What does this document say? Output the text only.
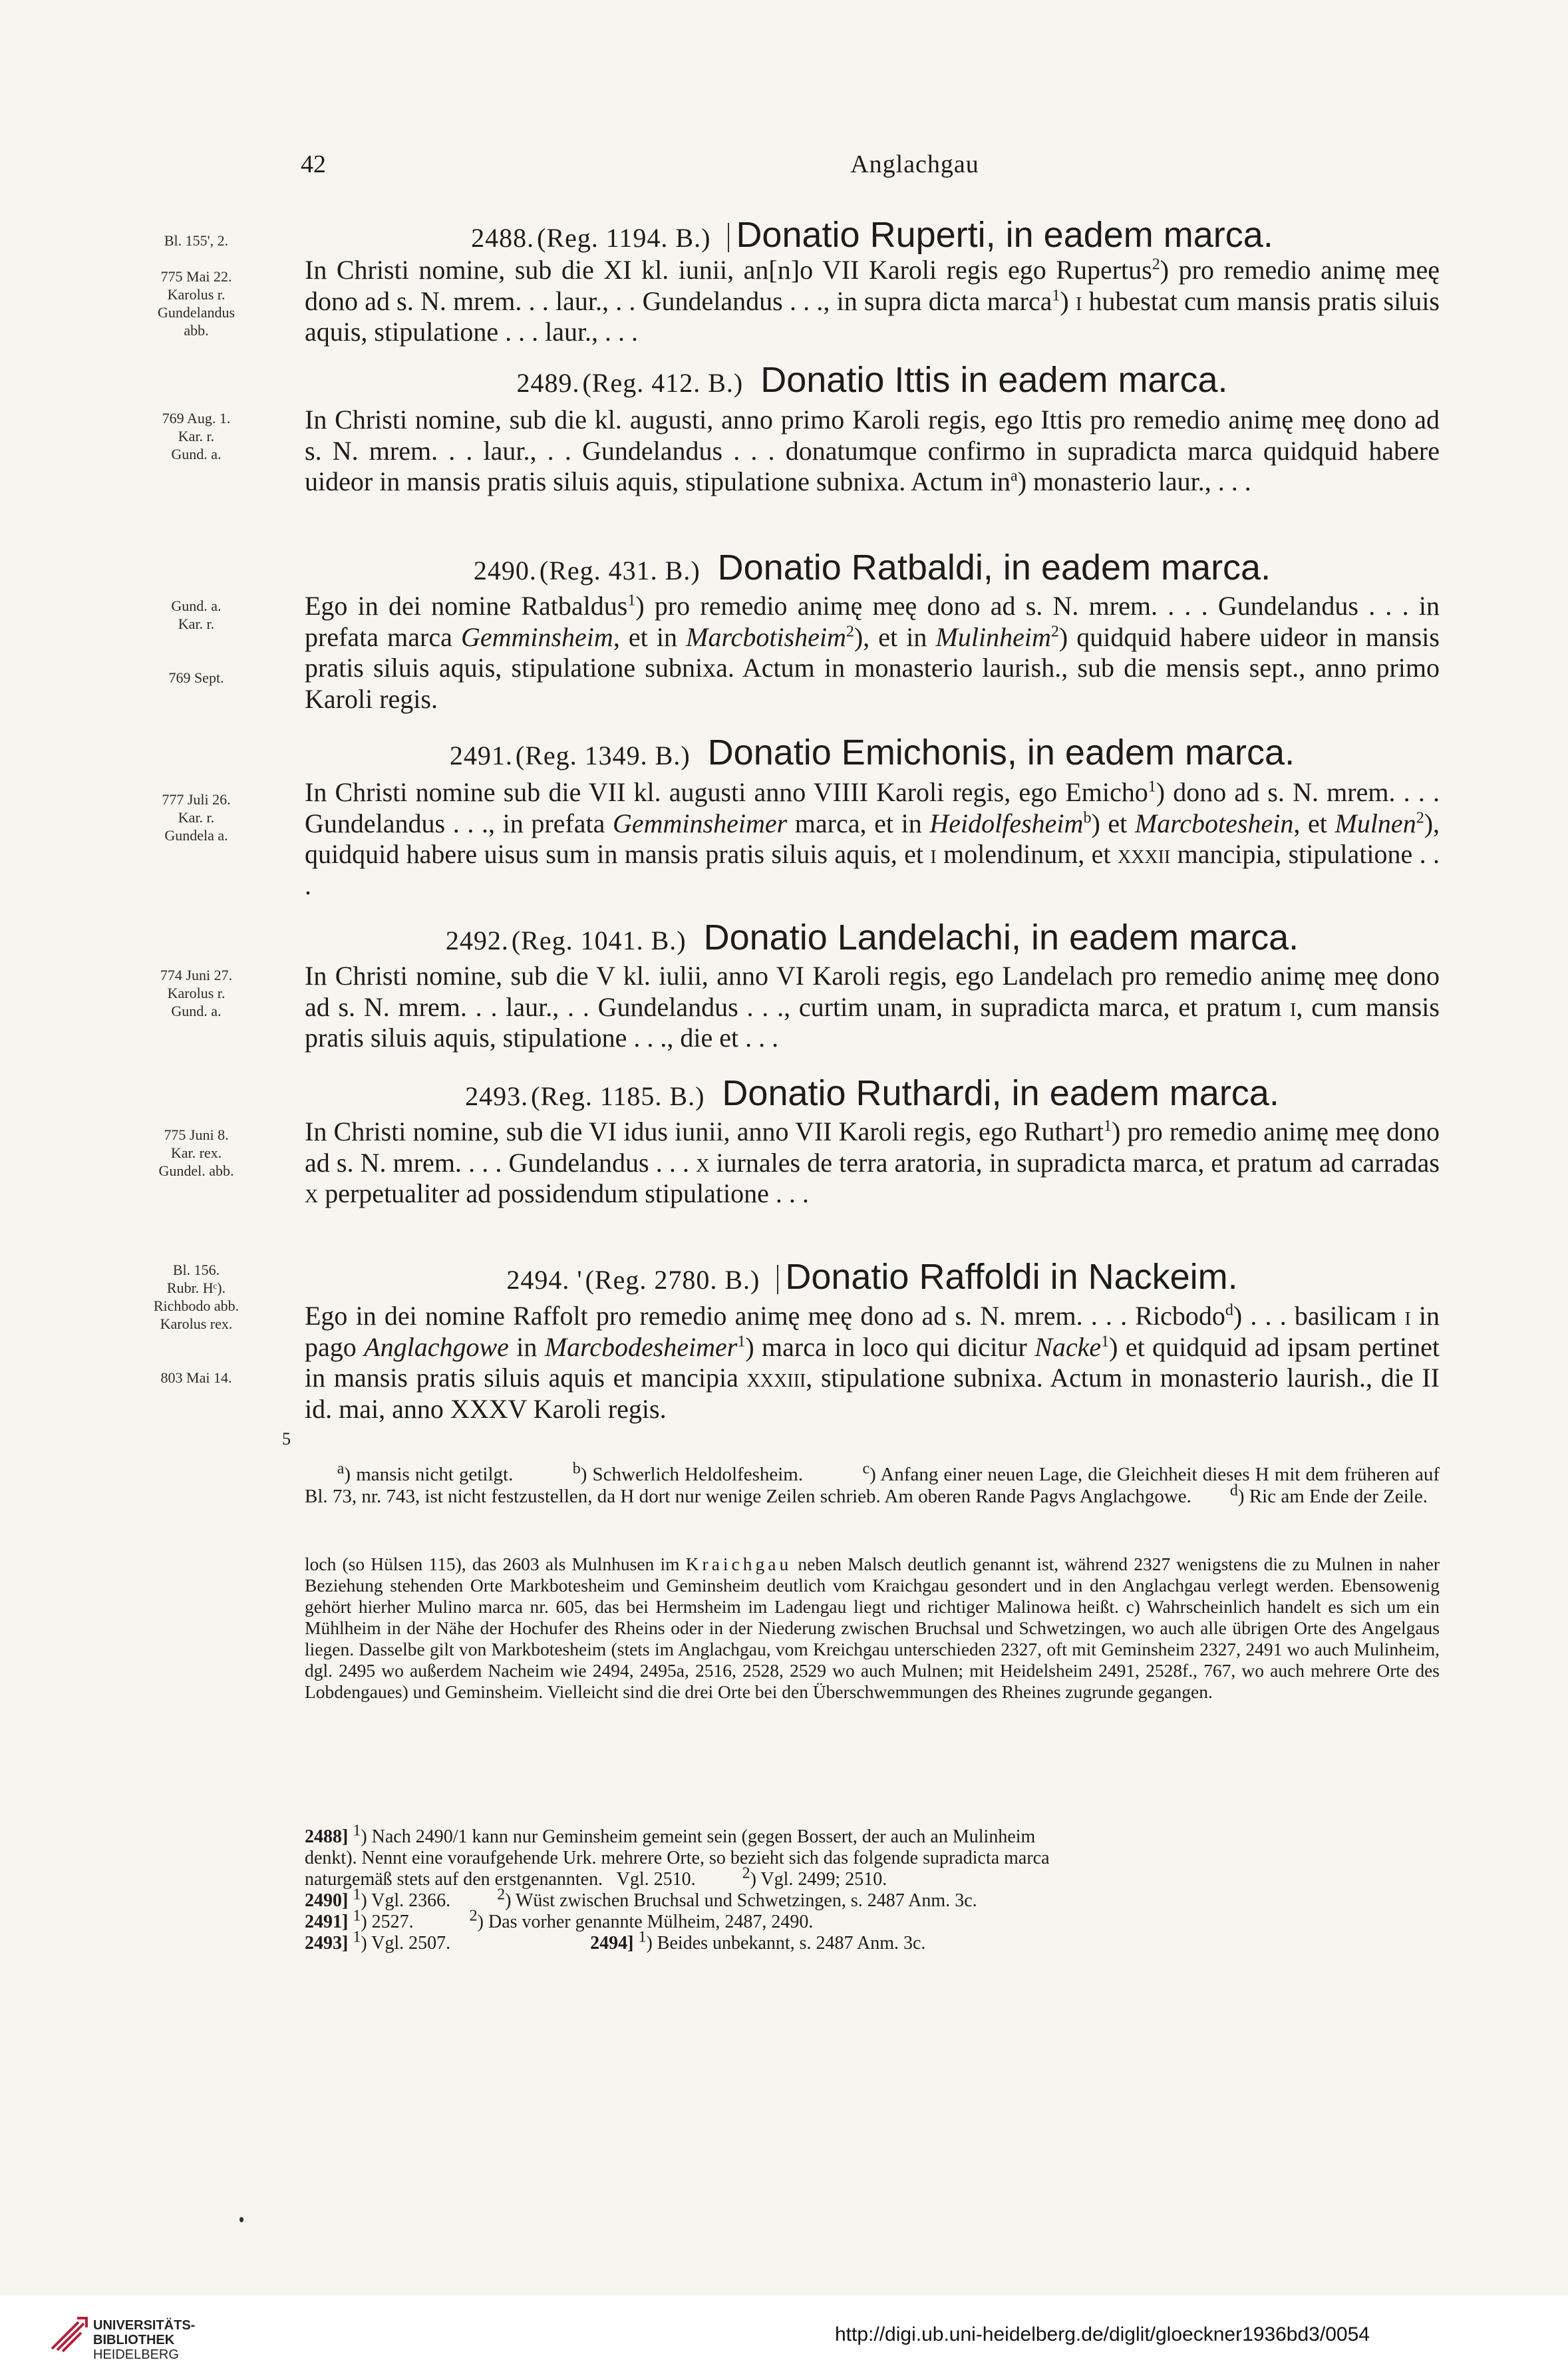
42	Anglachgau
Bl. 155', 2.

775 Mai 22.
Karolus r.
Gundelandus
abb.
2488. (Reg. 1194. B.) Donatio Ruperti, in eadem marca.
In Christi nomine, sub die XI kl. iunii, an[n]o VII Karoli regis ego Rupertus$^2$) pro remedio animę meę dono ad s. N. mrem. . . laur., . . Gundelandus . . ., in supra dicta marca$^1$) i hubestat cum mansis pratis siluis aquis, stipulatione . . . laur., . . .
769 Aug. 1.
Kar. r.
Gund. a.
2489. (Reg. 412. B.) Donatio Ittis in eadem marca.
In Christi nomine, sub die kl. augusti, anno primo Karoli regis, ego Ittis pro remedio animę meę dono ad s. N. mrem. . . laur., . . Gundelandus . . . donatumque confirmo in supradicta marca quidquid habere uideor in mansis pratis siluis aquis, stipulatione subnixa. Actum $in^a$) monasterio laur., . . .
Gund. a.
Kar. r.

769 Sept.
2490. (Reg. 431. B.) Donatio Ratbaldi, in eadem marca.
Ego in dei nomine Ratbaldus$^1$) pro remedio animę meę dono ad s. N. mrem. . . . Gundelandus . . . in prefata marca Gemminsheim, et in Marcbotisheim$^2$), et in Mulinheim$^2$) quidquid habere uideor in mansis pratis siluis aquis, stipulatione subnixa. Actum in monasterio laurish., sub die mensis sept., anno primo Karoli regis.
777 Juli 26.
Kar. r.
Gundela a.
2491. (Reg. 1349. B.) Donatio Emichonis, in eadem marca.
In Christi nomine sub die VII kl. augusti anno VIIII Karoli regis, ego Emicho$^1$) dono ad s. N. mrem. . . . Gundelandus . . ., in prefata Gemminsheimer marca, et in Heidolfesheim$^b$) et Marcboteshein, et Mulnen$^2$), quidquid habere uisus sum in mansis pratis siluis aquis, et i molendinum, et xxxii mancipia, stipulatione . . .
774 Juni 27.
Karolus r.
Gund. a.
2492. (Reg. 1041. B.) Donatio Landelachi, in eadem marca.
In Christi nomine, sub die V kl. iulii, anno VI Karoli regis, ego Landelach pro remedio animę meę dono ad s. N. mrem. . . laur., . . Gundelandus . . ., curtim unam, in supradicta marca, et pratum i, cum mansis pratis siluis aquis, stipulatione . . ., die et . . .
775 Juni 8.
Kar. rex.
Gundel. abb.
2493. (Reg. 1185. B.) Donatio Ruthardi, in eadem marca.
In Christi nomine, sub die VI idus iunii, anno VII Karoli regis, ego Ruthart$^1$) pro remedio animę meę dono ad s. N. mrem. . . . Gundelandus . . . x iurnales de terra aratoria, in supradicta marca, et pratum ad carradas x perpetualiter ad possidendum stipulatione . . .
Bl. 156.
Rubr. Hᶜ).
Richbodo abb.
Karolus rex.

803 Mai 14.
2494. ' (Reg. 2780. B.) Donatio Raffoldi in Nackeim.
Ego in dei nomine Raffolt pro remedio animę meę dono ad s. N. mrem. . . . Ricbodo$^d$) . . . basilicam i in pago Anglachgowe in Marcbodesheimer$^1$) marca in loco qui dicitur Nacke$^1$) et quidquid ad ipsam pertinet in mansis pratis siluis aquis et mancipia xxxiii, stipulatione subnixa. Actum in monasterio laurish., die II id. mai, anno XXXV Karoli regis.
5
$^a$) mansis nicht getilgt.           $^b$) Schwerlich Heldolfesheim.           $^c$) Anfang einer neuen Lage, die Gleichheit dieses H mit dem früheren auf Bl. 73, nr. 743, ist nicht festzustellen, da H dort nur wenige Zeilen schrieb. Am oberen Rande Pagvs Anglachgowe.        $^d$) Ric am Ende der Zeile.

loch (so Hülsen 115), das 2603 als Mulnhusen im Kraichgau neben Malsch deutlich genannt ist, während 2327 wenigstens die zu Mulnen in naher Beziehung stehenden Orte Markbotesheim und Geminsheim deutlich vom Kraichgau gesondert und in den Anglachgau verlegt werden. Ebensowenig gehört hierher Mulino marca nr. 605, das bei Hermsheim im Ladengau liegt und richtiger Malinowa heißt. c) Wahrscheinlich handelt es sich um ein Mühlheim in der Nähe der Hochufer des Rheins oder in der Niederung zwischen Bruchsal und Schwetzingen, wo auch alle übrigen Orte des Angelgaus liegen. Dasselbe gilt von Markbotesheim (stets im Anglachgau, vom Kreichgau unterschieden 2327, oft mit Geminsheim 2327, 2491 wo auch Mulinheim, dgl. 2495 wo außerdem Nacheim wie 2494, 2495a, 2516, 2528, 2529 wo auch Mulnen; mit Heidelsheim 2491, 2528f., 767, wo auch mehrere Orte des Lobdengaues) und Geminsheim. Vielleicht sind die drei Orte bei den Überschwemmungen des Rheines zugrunde gegangen.

2488] 1) Nach 2490/1 kann nur Geminsheim gemeint sein (gegen Bossert, der auch an Mulinheim
denkt). Nennt eine voraufgehende Urk. mehrere Orte, so bezieht sich das folgende supradicta marca
naturgemäß stets auf den erstgenannten.   Vgl. 2510.          2) Vgl. 2499; 2510.
2490] 1) Vgl. 2366.          2) Wüst zwischen Bruchsal und Schwetzingen, s. 2487 Anm. 3c.
2491] 1) 2527.            2) Das vorher genannte Mülheim, 2487, 2490.
2493] 1) Vgl. 2507.                              2494] 1) Beides unbekannt, s. 2487 Anm. 3c.
UNIVERSITÄTS-
BIBLIOTHEK
HEIDELBERG
http://digi.ub.uni-heidelberg.de/diglit/gloeckner1936bd3/0054
